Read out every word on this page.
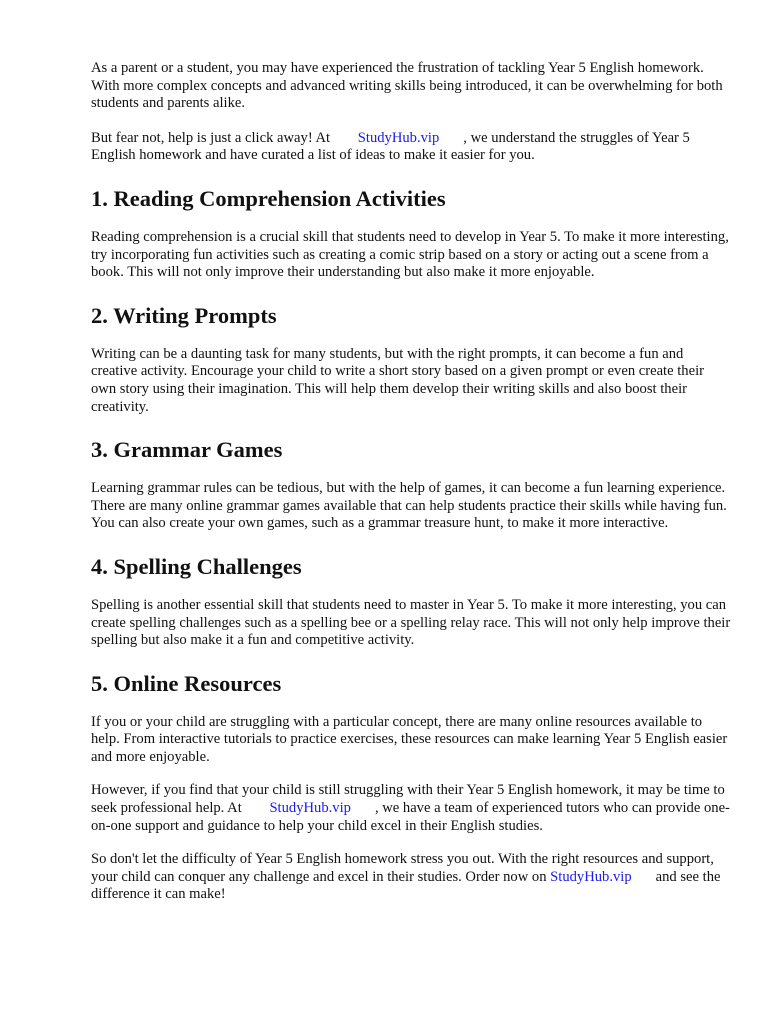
As a parent or a student, you may have experienced the frustration of tackling Year 5 English homework. With more complex concepts and advanced writing skills being introduced, it can be overwhelming for both students and parents alike.

But fear not, help is just a click away! At StudyHub.vip , we understand the struggles of Year 5 English homework and have curated a list of ideas to make it easier for you.

1. Reading Comprehension Activities

Reading comprehension is a crucial skill that students need to develop in Year 5. To make it more interesting, try incorporating fun activities such as creating a comic strip based on a story or acting out a scene from a book. This will not only improve their understanding but also make it more enjoyable.

2. Writing Prompts

Writing can be a daunting task for many students, but with the right prompts, it can become a fun and creative activity. Encourage your child to write a short story based on a given prompt or even create their own story using their imagination. This will help them develop their writing skills and also boost their creativity.

3. Grammar Games

Learning grammar rules can be tedious, but with the help of games, it can become a fun learning experience. There are many online grammar games available that can help students practice their skills while having fun. You can also create your own games, such as a grammar treasure hunt, to make it more interactive.

4. Spelling Challenges

Spelling is another essential skill that students need to master in Year 5. To make it more interesting, you can create spelling challenges such as a spelling bee or a spelling relay race. This will not only help improve their spelling but also make it a fun and competitive activity.

5. Online Resources

If you or your child are struggling with a particular concept, there are many online resources available to help. From interactive tutorials to practice exercises, these resources can make learning Year 5 English easier and more enjoyable.

However, if you find that your child is still struggling with their Year 5 English homework, it may be time to seek professional help. At StudyHub.vip , we have a team of experienced tutors who can provide one-on-one support and guidance to help your child excel in their English studies.

So don't let the difficulty of Year 5 English homework stress you out. With the right resources and support, your child can conquer any challenge and excel in their studies. Order now on StudyHub.vip and see the difference it can make!
